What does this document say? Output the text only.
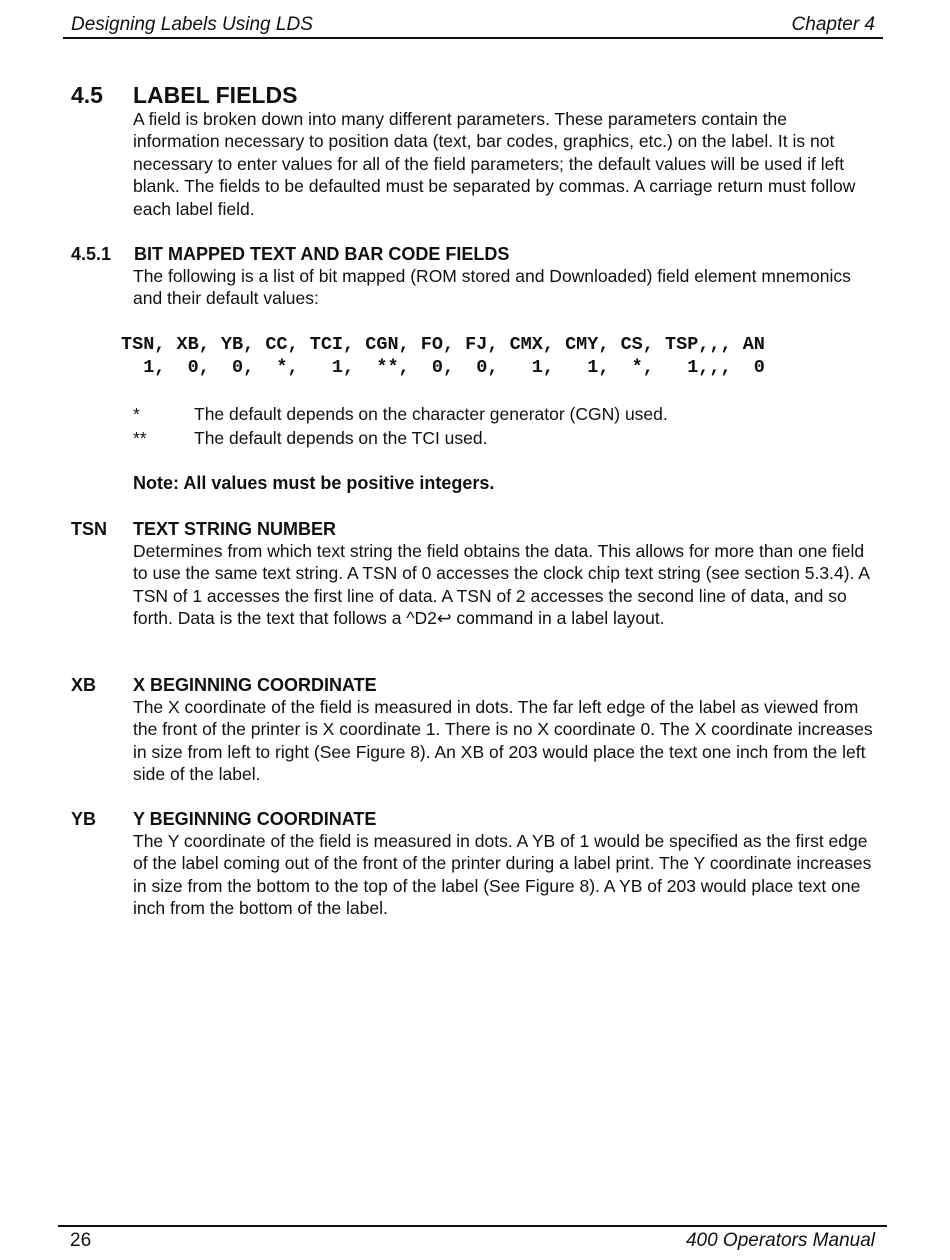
Designing Labels Using LDS	Chapter 4
4.5 LABEL FIELDS
A field is broken down into many different parameters. These parameters contain the information necessary to position data (text, bar codes, graphics, etc.) on the label. It is not necessary to enter values for all of the field parameters; the default values will be used if left blank. The fields to be defaulted must be separated by commas. A carriage return must follow each label field.
4.5.1 BIT MAPPED TEXT AND BAR CODE FIELDS
The following is a list of bit mapped (ROM stored and Downloaded) field element mnemonics and their default values:
TSN, XB, YB, CC, TCI, CGN, FO, FJ, CMX, CMY, CS, TSP,,, AN
1,  0,  0,  *,   1,  **,  0,  0,   1,   1,  *,   1,,,  0
*	The default depends on the character generator (CGN) used.
**	The default depends on the TCI used.
Note: All values must be positive integers.
TSN TEXT STRING NUMBER
Determines from which text string the field obtains the data. This allows for more than one field to use the same text string. A TSN of 0 accesses the clock chip text string (see section 5.3.4). A TSN of 1 accesses the first line of data. A TSN of 2 accesses the second line of data, and so forth. Data is the text that follows a ^D2↩ command in a label layout.
XB X BEGINNING COORDINATE
The X coordinate of the field is measured in dots. The far left edge of the label as viewed from the front of the printer is X coordinate 1. There is no X coordinate 0. The X coordinate increases in size from left to right (See Figure 8). An XB of 203 would place the text one inch from the left side of the label.
YB Y BEGINNING COORDINATE
The Y coordinate of the field is measured in dots. A YB of 1 would be specified as the first edge of the label coming out of the front of the printer during a label print. The Y coordinate increases in size from the bottom to the top of the label (See Figure 8). A YB of 203 would place text one inch from the bottom of the label.
26	400 Operators Manual
